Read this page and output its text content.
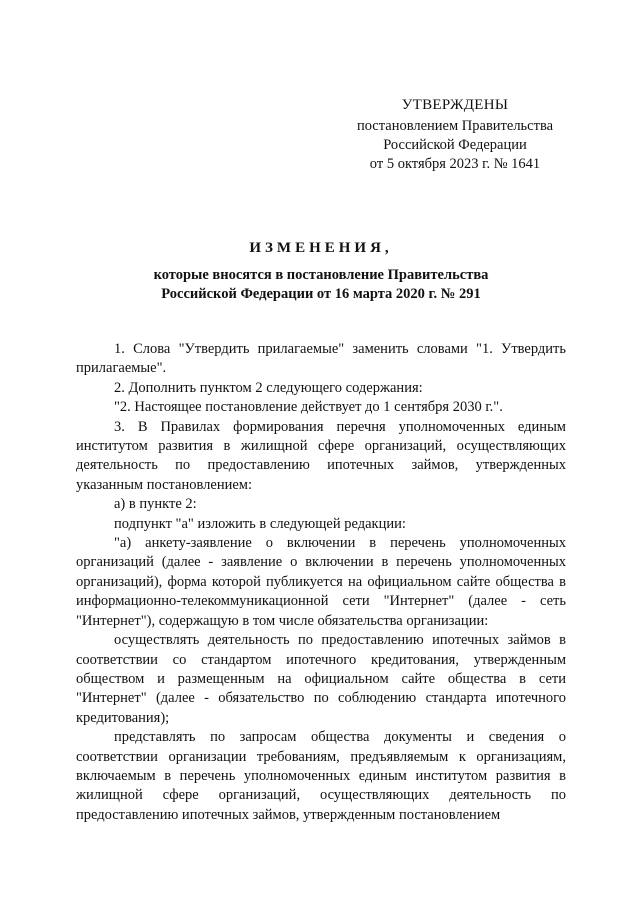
УТВЕРЖДЕНЫ
постановлением Правительства
Российской Федерации
от 5 октября 2023 г. № 1641
ИЗМЕНЕНИЯ,
которые вносятся в постановление Правительства
Российской Федерации от 16 марта 2020 г. № 291

1. Слова "Утвердить прилагаемые" заменить словами "1. Утвердить прилагаемые".

2. Дополнить пунктом 2 следующего содержания:

"2. Настоящее постановление действует до 1 сентября 2030 г.".

3. В Правилах формирования перечня уполномоченных единым институтом развития в жилищной сфере организаций, осуществляющих деятельность по предоставлению ипотечных займов, утвержденных указанным постановлением:

а) в пункте 2:

подпункт "а" изложить в следующей редакции:

"а) анкету-заявление о включении в перечень уполномоченных организаций (далее - заявление о включении в перечень уполномоченных организаций), форма которой публикуется на официальном сайте общества в информационно-телекоммуникационной сети "Интернет" (далее - сеть "Интернет"), содержащую в том числе обязательства организации:

осуществлять деятельность по предоставлению ипотечных займов в соответствии со стандартом ипотечного кредитования, утвержденным обществом и размещенным на официальном сайте общества в сети "Интернет" (далее - обязательство по соблюдению стандарта ипотечного кредитования);

представлять по запросам общества документы и сведения о соответствии организации требованиям, предъявляемым к организациям, включаемым в перечень уполномоченных единым институтом развития в жилищной сфере организаций, осуществляющих деятельность по предоставлению ипотечных займов, утвержденным постановлением
